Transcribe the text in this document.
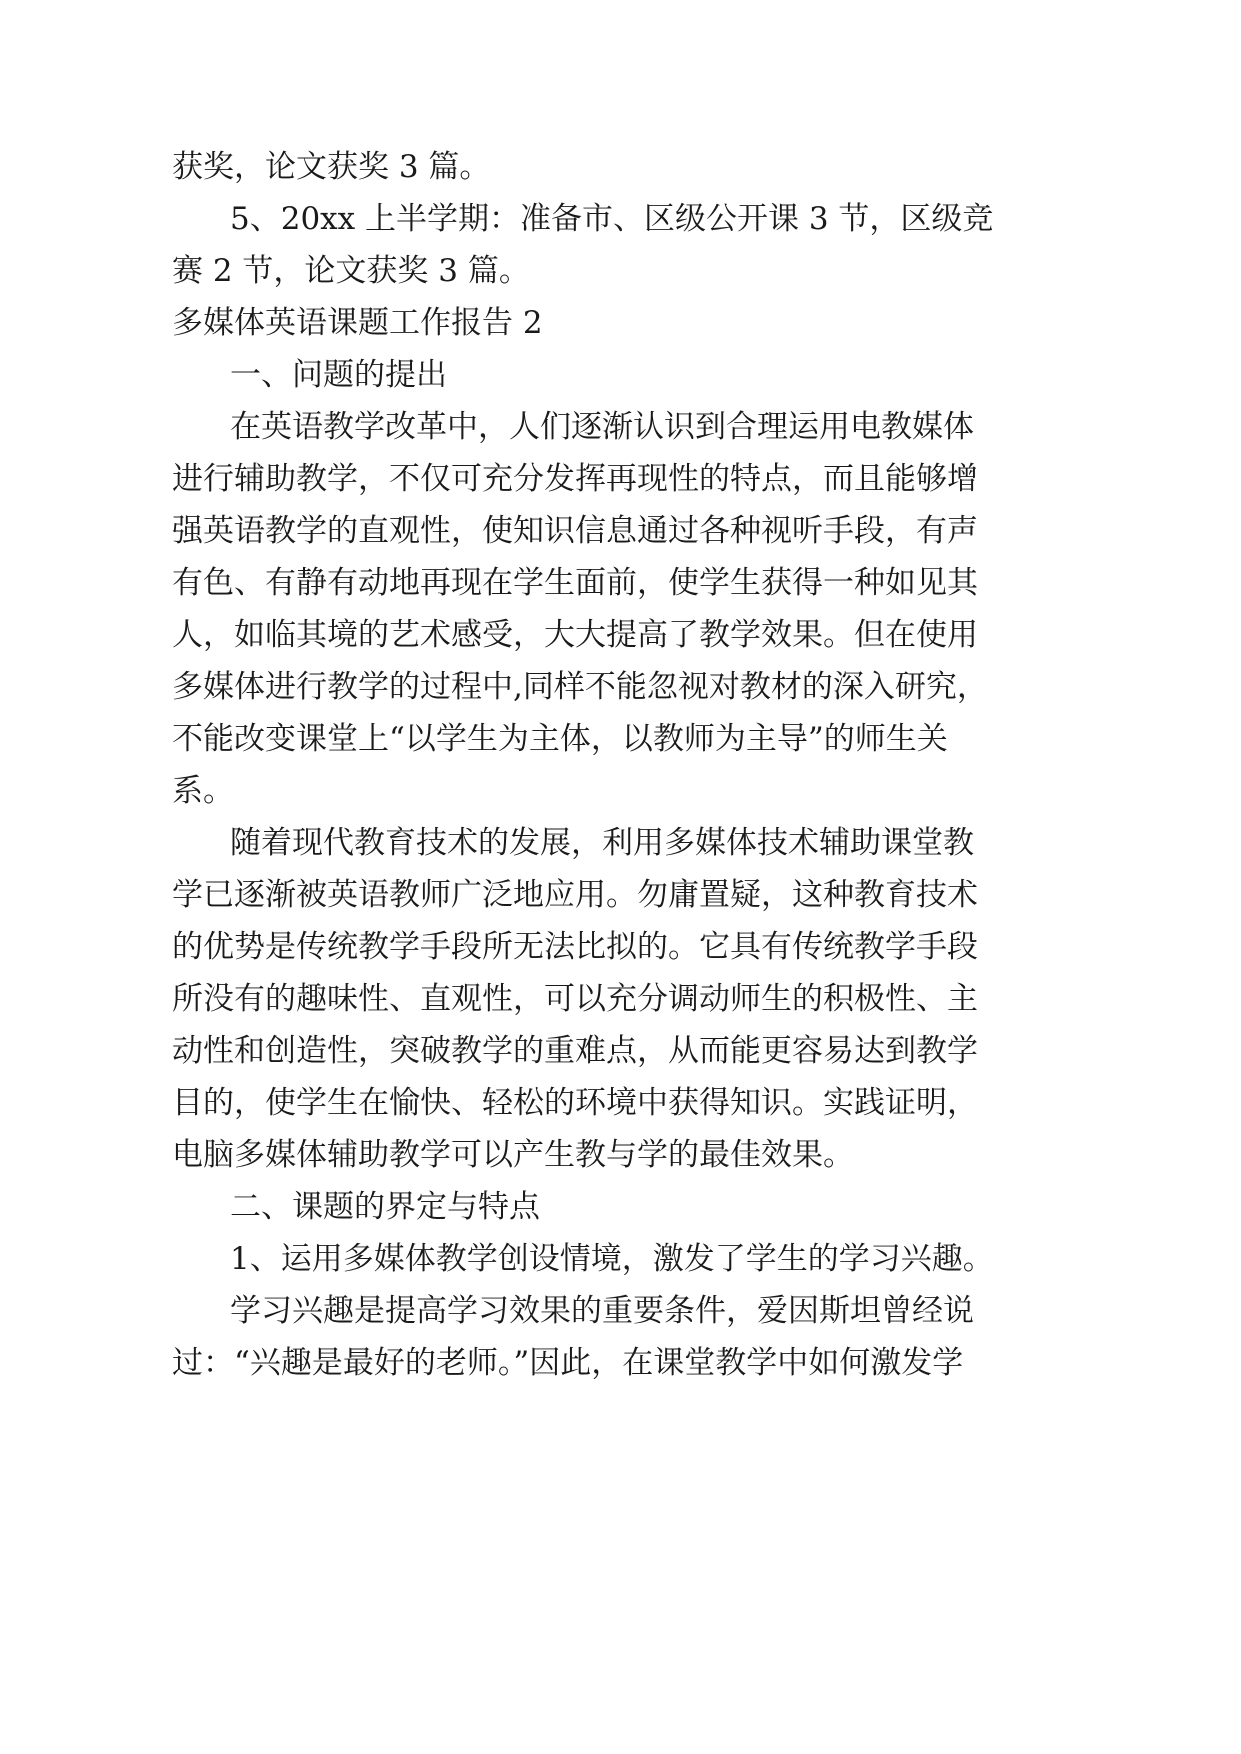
获奖，论文获奖 3 篇。

5、20xx 上半学期：准备市、区级公开课 3 节，区级竞

赛 2 节，论文获奖 3 篇。

多媒体英语课题工作报告 2

一、问题的提出

在英语教学改革中，人们逐渐认识到合理运用电教媒体

进行辅助教学，不仅可充分发挥再现性的特点，而且能够增

强英语教学的直观性，使知识信息通过各种视听手段，有声

有色、有静有动地再现在学生面前，使学生获得一种如见其

人，如临其境的艺术感受，大大提高了教学效果。但在使用

多媒体进行教学的过程中,同样不能忽视对教材的深入研究，

不能改变课堂上“以学生为主体，以教师为主导”的师生关

系。

随着现代教育技术的发展，利用多媒体技术辅助课堂教

学已逐渐被英语教师广泛地应用。勿庸置疑，这种教育技术

的优势是传统教学手段所无法比拟的。它具有传统教学手段

所没有的趣味性、直观性，可以充分调动师生的积极性、主

动性和创造性，突破教学的重难点，从而能更容易达到教学

目的，使学生在愉快、轻松的环境中获得知识。实践证明，

电脑多媒体辅助教学可以产生教与学的最佳效果。

二、课题的界定与特点

1、运用多媒体教学创设情境，激发了学生的学习兴趣。

学习兴趣是提高学习效果的重要条件，爱因斯坦曾经说

过：“兴趣是最好的老师。”因此，在课堂教学中如何激发学
